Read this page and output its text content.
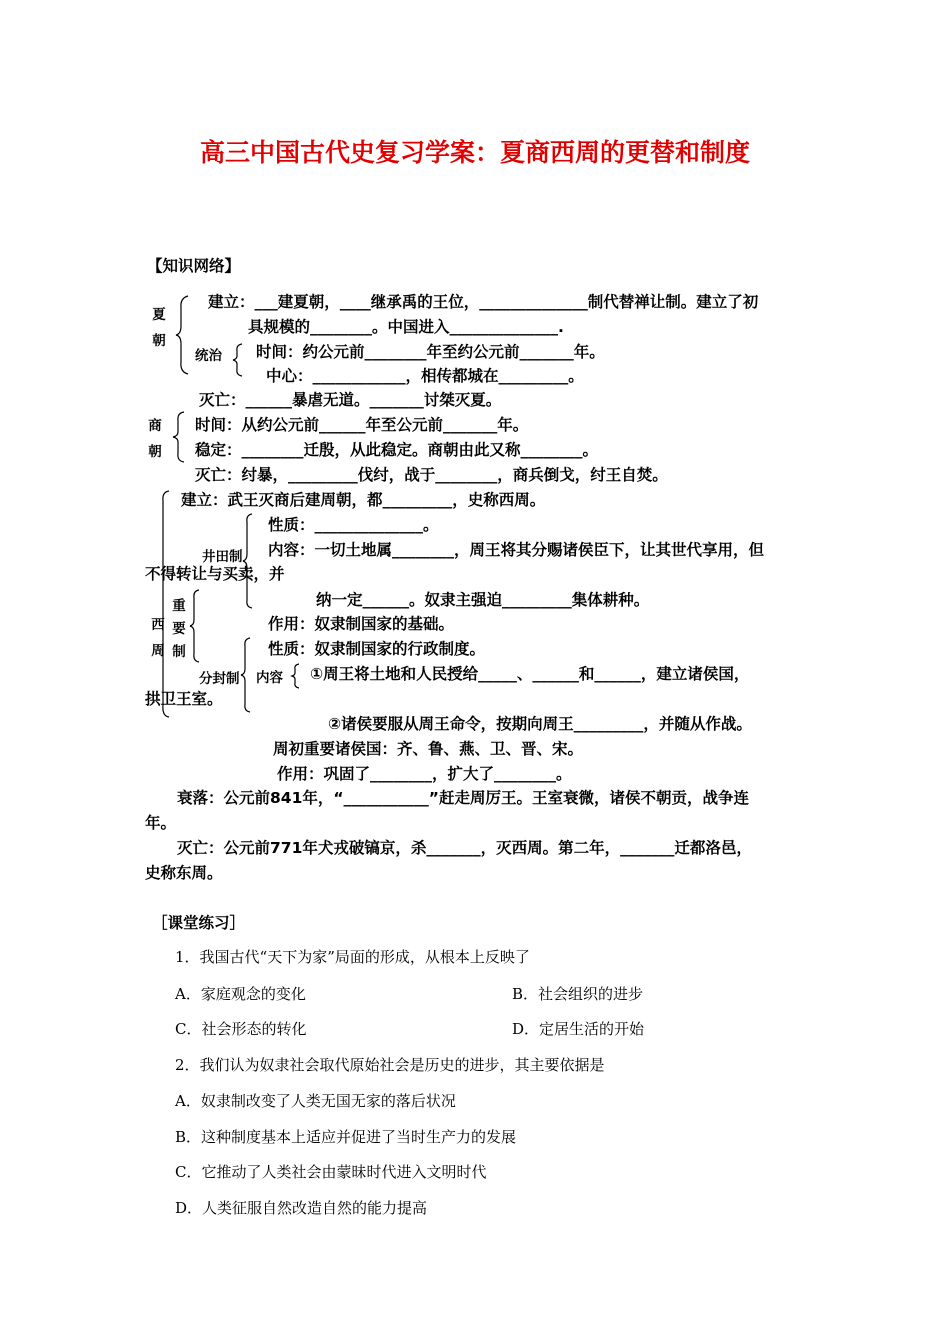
高三中国古代史复习学案：夏商西周的更替和制度
【知识网络】
夏
朝
建立：___建夏朝，____继承禹的王位，______________制代替禅让制。建立了初
具规模的________。中国进入______________.
统治 时间：约公元前________年至约公元前_______年。
中心：____________，相传都城在_________。
灭亡：______暴虐无道。_______讨桀灭夏。
商
朝
时间：从约公元前______年至公元前_______年。
稳定：________迁殷，从此稳定。商朝由此又称________。
灭亡：纣暴，_________伐纣，战于________，商兵倒戈，纣王自焚。
建立：武王灭商后建周朝，都_________，史称西周。
井田制
性质：______________。
内容：一切土地属________，周王将其分赐诸侯臣下，让其世代享用，但
不得转让与买卖，并
纳一定______。奴隶主强迫_________集体耕种。
西
周
重
要
制
作用：奴隶制国家的基础。
分封制
性质：奴隶制国家的行政制度。
内容 ①周王将土地和人民授给_____、______和______，建立诸侯国，
拱卫王室。
②诸侯要服从周王命令，按期向周王_________，并随从作战。
周初重要诸侯国：齐、鲁、燕、卫、晋、宋。
作用：巩固了________，扩大了________。
衰落：公元前841年，“___________”赶走周厉王。王室衰微，诸侯不朝贡，战争连
年。
灭亡：公元前771年犬戎破镐京，杀_______，灭西周。第二年，_______迁都洛邑，
史称东周。
［课堂练习］
1．我国古代“天下为家”局面的形成，从根本上反映了
A．家庭观念的变化	B．社会组织的进步
C．社会形态的转化	D．定居生活的开始
2．我们认为奴隶社会取代原始社会是历史的进步，其主要依据是
A．奴隶制改变了人类无国无家的落后状况
B．这种制度基本上适应并促进了当时生产力的发展
C．它推动了人类社会由蒙昧时代进入文明时代
D．人类征服自然改造自然的能力提高
